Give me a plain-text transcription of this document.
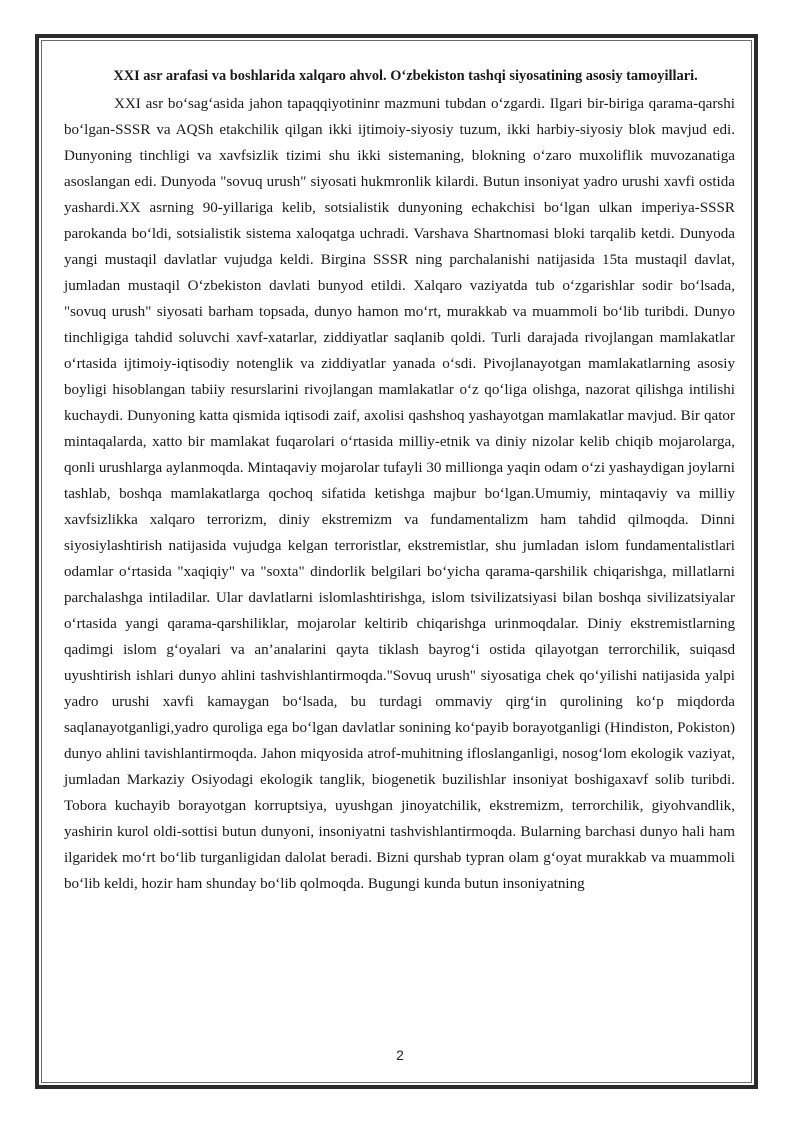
XXI asr arafasi va boshlarida xalqaro ahvol. O‘zbekiston tashqi siyosatining asosiy tamoyillari.

XXI asr bo‘sag‘asida jahon tapaqqiyotininr mazmuni tubdan o‘zgardi. Ilgari bir-biriga qarama-qarshi bo‘lgan-SSSR va AQSh etakchilik qilgan ikki ijtimoiy-siyosiy tuzum, ikki harbiy-siyosiy blok mavjud edi. Dunyoning tinchligi va xavfsizlik tizimi shu ikki sistemaning, blokning o‘zaro muxoliflik muvozanatiga asoslangan edi. Dunyoda "sovuq urush" siyosati hukmronlik kilardi. Butun insoniyat yadro urushi xavfi ostida yashardi.XX asrning 90-yillariga kelib, sotsialistik dunyoning echakchisi bo‘lgan ulkan imperiya-SSSR parokanda bo‘ldi, sotsialistik sistema xaloqatga uchradi. Varshava Shartnomasi bloki tarqalib ketdi. Dunyoda yangi mustaqil davlatlar vujudga keldi. Birgina SSSR ning parchalanishi natijasida 15ta mustaqil davlat, jumladan mustaqil O‘zbekiston davlati bunyod etildi. Xalqaro vaziyatda tub o‘zgarishlar sodir bo‘lsada, "sovuq urush" siyosati barham topsada, dunyo hamon mo‘rt, murakkab va muammoli bo‘lib turibdi. Dunyo tinchligiga tahdid soluvchi xavf-xatarlar, ziddiyatlar saqlanib qoldi. Turli darajada rivojlangan mamlakatlar o‘rtasida ijtimoiy-iqtisodiy notenglik va ziddiyatlar yanada o‘sdi. Pivojlanayotgan mamlakatlarning asosiy boyligi hisoblangan tabiiy resurslarini rivojlangan mamlakatlar o‘z qo‘liga olishga, nazorat qilishga intilishi kuchaydi. Dunyoning katta qismida iqtisodi zaif, axolisi qashshoq yashayotgan mamlakatlar mavjud. Bir qator mintaqalarda, xatto bir mamlakat fuqarolari o‘rtasida milliy-etnik va diniy nizolar kelib chiqib mojarolarga, qonli urushlarga aylanmoqda. Mintaqaviy mojarolar tufayli 30 millionga yaqin odam o‘zi yashaydigan joylarni tashlab, boshqa mamlakatlarga qochoq sifatida ketishga majbur bo‘lgan.Umumiy, mintaqaviy va milliy xavfsizlikka xalqaro terrorizm, diniy ekstremizm va fundamentalizm ham tahdid qilmoqda. Dinni siyosiylashtirish natijasida vujudga kelgan terroristlar, ekstremistlar, shu jumladan islom fundamentalistlari odamlar o‘rtasida "xaqiqiy" va "soxta" dindorlik belgilari bo‘yicha qarama-qarshilik chiqarishga, millatlarni parchalashga intiladilar. Ular davlatlarni islomlashtirishga, islom tsivilizatsiyasi bilan boshqa sivilizatsiyalar o‘rtasida yangi qarama-qarshiliklar, mojarolar keltirib chiqarishga urinmoqdalar. Diniy ekstremistlarning qadimgi islom g‘oyalari va an’analarini qayta tiklash bayrog‘i ostida qilayotgan terrorchilik, suiqasd uyushtirish ishlari dunyo ahlini tashvishlantirmoqda."Sovuq urush" siyosatiga chek qo‘yilishi natijasida yalpi yadro urushi xavfi kamaygan bo‘lsada, bu turdagi ommaviy qirg‘in qurolining ko‘p miqdorda saqlanayotganligi,yadro quroliga ega bo‘lgan davlatlar sonining ko‘payib borayotganligi (Hindiston, Pokiston) dunyo ahlini tavishlantirmoqda. Jahon miqyosida atrof-muhitning ifloslanganligi, nosog‘lom ekologik vaziyat, jumladan Markaziy Osiyodagi ekologik tanglik, biogenetik buzilishlar insoniyat boshigaxavf solib turibdi. Tobora kuchayib borayotgan korruptsiya, uyushgan jinoyatchilik, ekstremizm, terrorchilik, giyohvandlik, yashirin kurol oldi-sottisi butun dunyoni, insoniyatni tashvishlantirmoqda. Bularning barchasi dunyo hali ham ilgaridek mo‘rt bo‘lib turganligidan dalolat beradi. Bizni qurshab typran olam g‘oyat murakkab va muammoli bo‘lib keldi, hozir ham shunday bo‘lib qolmoqda. Bugungi kunda butun insoniyatning

2
